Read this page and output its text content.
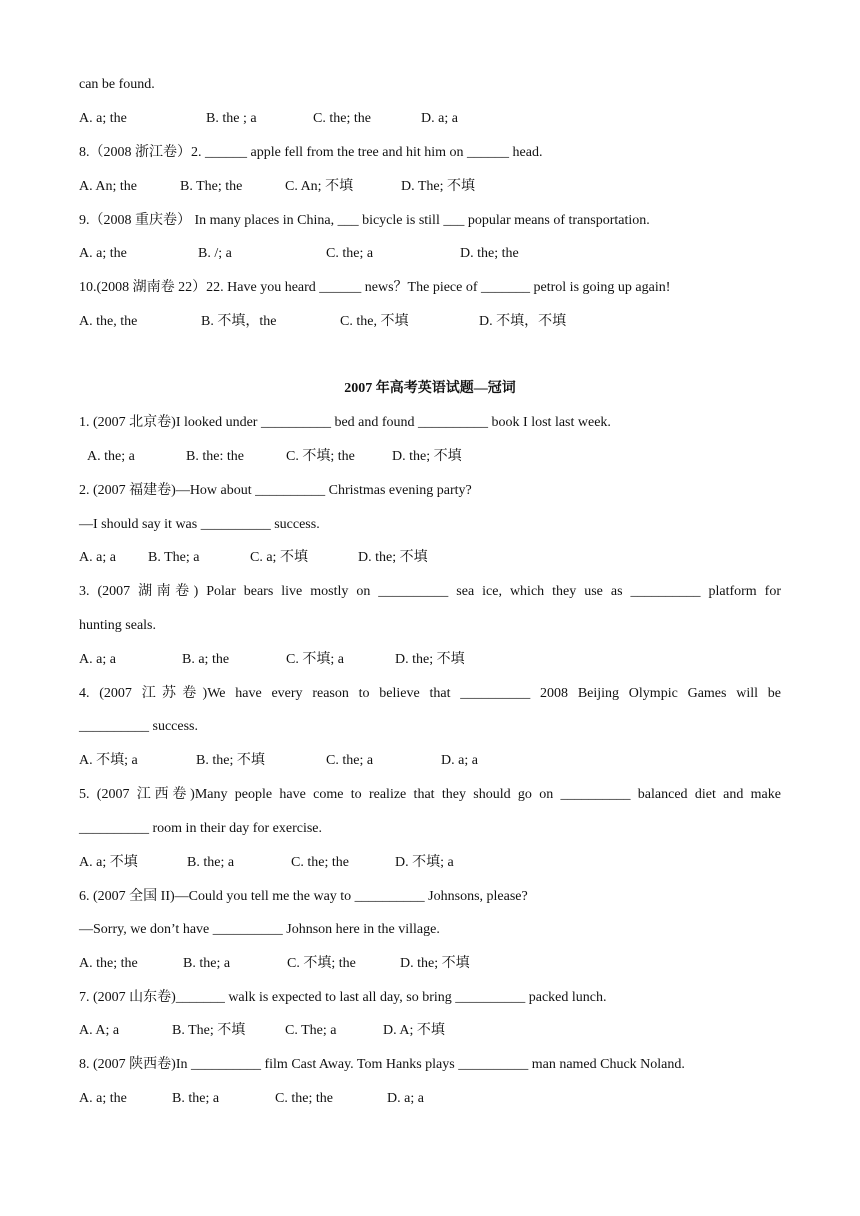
can be found.
A. a; the	B. the ; a	C. the; the	D. a; a
8.（2008 浙江卷）2. ______ apple fell from the tree and hit him on ______ head.
A. An; the	B. The; the	C. An; 不填	D. The; 不填
9.（2008 重庆卷） In many places in China, ___ bicycle is still ___ popular means of transportation.
A. a; the	B. /; a	C. the; a	D. the; the
10.(2008 湖南卷 22）22. Have you heard ______ news？The piece of _______ petrol is going up again!
A. the, the	B. 不填，the	C. the, 不填	D. 不填，不填
2007 年高考英语试题—冠词
1. (2007 北京卷)I looked under __________ bed and found __________ book I lost last week.
A. the; a	B. the: the	C. 不填; the	D. the; 不填
2. (2007 福建卷)—How about __________ Christmas evening party?
—I should say it was __________ success.
A. a; a B. The; a	C. a; 不填	D. the; 不填
3. (2007 湖南卷) Polar bears live mostly on __________ sea ice, which they use as __________ platform for
hunting seals.
A. a; a	B. a; the	C. 不填; a	D. the; 不填
4. (2007 江苏卷)We have every reason to believe that __________ 2008 Beijing Olympic Games will be
__________ success.
A. 不填; a	B. the; 不填	C. the; a	D. a; a
5. (2007 江西卷)Many people have come to realize that they should go on __________ balanced diet and make
__________ room in their day for exercise.
A. a; 不填	B. the; a	C. the; the	D. 不填; a
6. (2007 全国 II)—Could you tell me the way to __________ Johnsons, please?
—Sorry, we don’t have __________ Johnson here in the village.
A. the; the	B. the; a	C. 不填; the	D. the; 不填
7. (2007 山东卷)_______ walk is expected to last all day, so bring __________ packed lunch.
A. A; a	B. The; 不填	C. The; a	D. A; 不填
8. (2007 陕西卷)In __________ film Cast Away. Tom Hanks plays __________ man named Chuck Noland.
A. a; the	B. the; a	C. the; the	D. a; a
